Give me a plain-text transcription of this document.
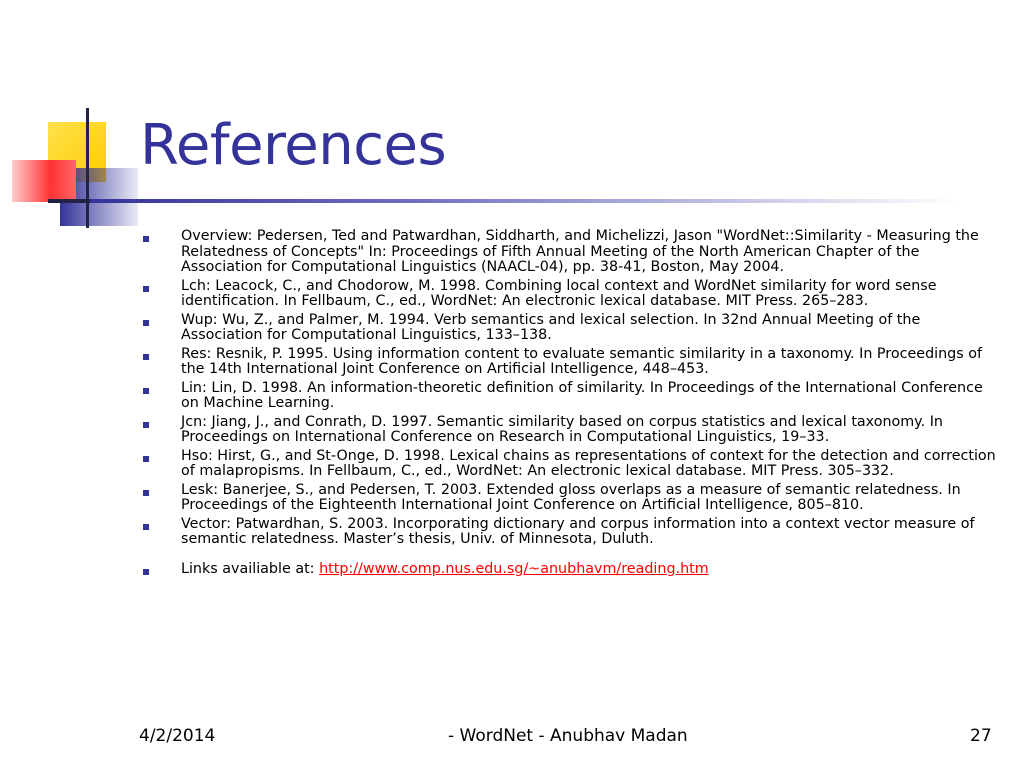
References
Overview: Pedersen, Ted and Patwardhan, Siddharth, and Michelizzi, Jason "WordNet::Similarity - Measuring the Relatedness of Concepts" In: Proceedings of Fifth Annual Meeting of the North American Chapter of the Association for Computational Linguistics (NAACL-04), pp. 38-41, Boston, May 2004.
Lch: Leacock, C., and Chodorow, M. 1998. Combining local context and WordNet similarity for word sense identification. In Fellbaum, C., ed., WordNet: An electronic lexical database. MIT Press. 265–283.
Wup: Wu, Z., and Palmer, M. 1994. Verb semantics and lexical selection. In 32nd Annual Meeting of the Association for Computational Linguistics, 133–138.
Res: Resnik, P. 1995. Using information content to evaluate semantic similarity in a taxonomy. In Proceedings of the 14th International Joint Conference on Artificial Intelligence, 448–453.
Lin: Lin, D. 1998. An information-theoretic definition of similarity. In Proceedings of the International Conference on Machine Learning.
Jcn: Jiang, J., and Conrath, D. 1997. Semantic similarity based on corpus statistics and lexical taxonomy. In Proceedings on International Conference on Research in Computational Linguistics, 19–33.
Hso: Hirst, G., and St-Onge, D. 1998. Lexical chains as representations of context for the detection and correction of malapropisms. In Fellbaum, C., ed., WordNet: An electronic lexical database. MIT Press. 305–332.
Lesk: Banerjee, S., and Pedersen, T. 2003. Extended gloss overlaps as a measure of semantic relatedness. In Proceedings of the Eighteenth International Joint Conference on Artificial Intelligence, 805–810.
Vector: Patwardhan, S. 2003. Incorporating dictionary and corpus information into a context vector measure of semantic relatedness. Master’s thesis, Univ. of Minnesota, Duluth.
Links availiable at: http://www.comp.nus.edu.sg/~anubhavm/reading.htm
4/2/2014	- WordNet - Anubhav Madan	27
